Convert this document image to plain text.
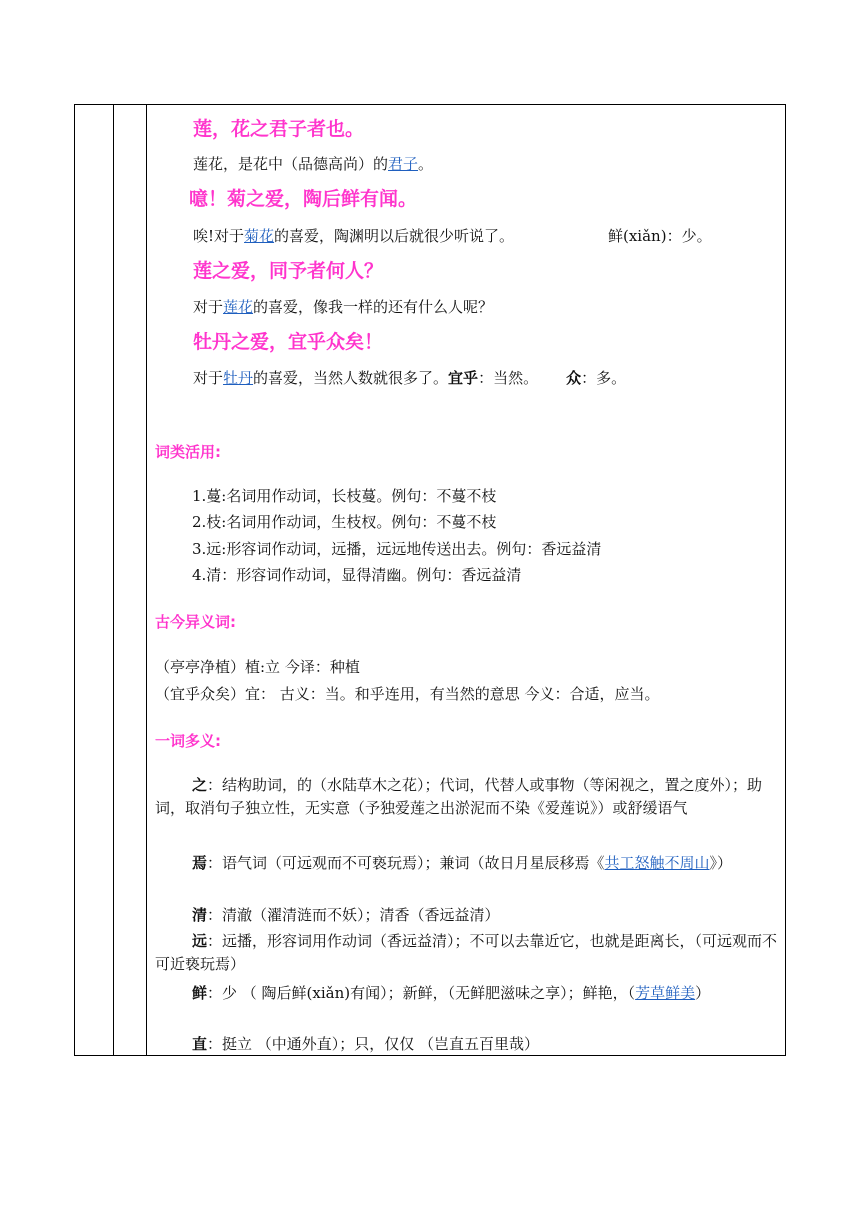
莲，花之君子者也。
莲花，是花中（品德高尚）的君子。
噫！菊之爱，陶后鲜有闻。
唉!对于菊花的喜爱，陶渊明以后就很少听说了。	鲜(xiǎn)：少。
莲之爱，同予者何人？
对于莲花的喜爱，像我一样的还有什么人呢？
牡丹之爱，宜乎众矣！
对于牡丹的喜爱，当然人数就很多了。宜乎：当然。 众：多。
词类活用:
1.蔓:名词用作动词，长枝蔓。例句：不蔓不枝
2.枝:名词用作动词，生枝杈。例句：不蔓不枝
3.远:形容词作动词，远播，远远地传送出去。例句：香远益清
4.清：形容词作动词，显得清幽。例句：香远益清
古今异义词:
（亭亭净植）植:立 今译：种植
（宜乎众矣）宜： 古义：当。和乎连用，有当然的意思 今义：合适，应当。
一词多义:
之：结构助词，的（水陆草木之花）；代词，代替人或事物（等闲视之，置之度外）；助词，取消句子独立性，无实意（予独爱莲之出淤泥而不染《爱莲说》）或舒缓语气
焉：语气词（可远观而不可亵玩焉）；兼词（故日月星辰移焉《共工怒触不周山》）
清：清澈（濯清涟而不妖）；清香（香远益清）
远：远播，形容词用作动词（香远益清）；不可以去靠近它，也就是距离长，（可远观而不可近亵玩焉）
鲜：少 （ 陶后鲜(xiǎn)有闻）；新鲜，（无鲜肥滋味之享）；鲜艳，（芳草鲜美）
直：挺立 （中通外直）；只，仅仅 （岂直五百里哉）
